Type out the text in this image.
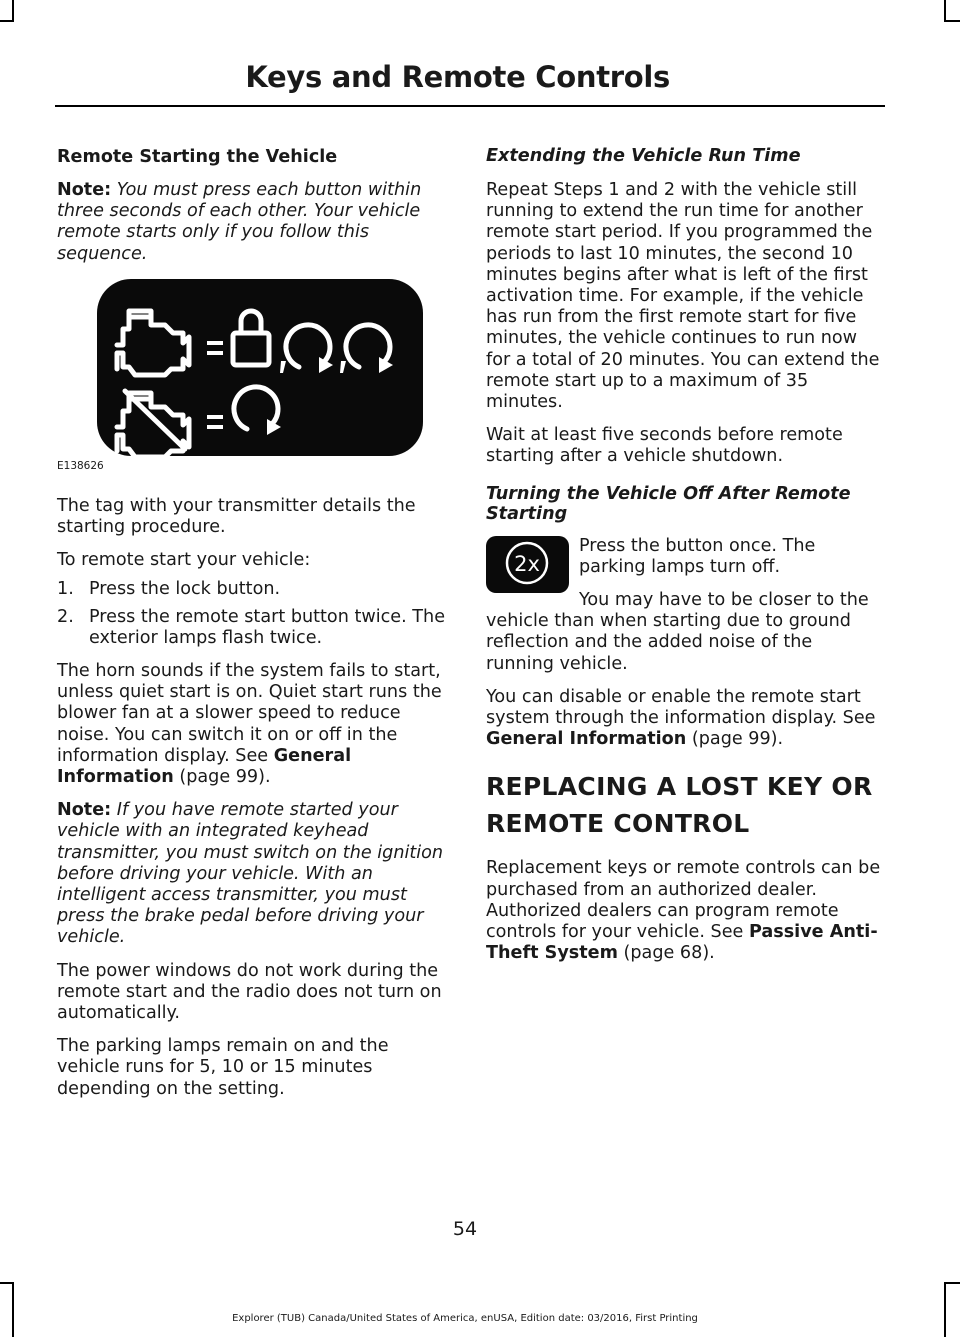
Keys and Remote Controls
Remote Starting the Vehicle

Note: You must press each button within three seconds of each other. Your vehicle remote starts only if you follow this sequence.

E138626

The tag with your transmitter details the starting procedure.

To remote start your vehicle:

1. Press the lock button.
2. Press the remote start button twice. The exterior lamps flash twice.

The horn sounds if the system fails to start, unless quiet start is on. Quiet start runs the blower fan at a slower speed to reduce noise. You can switch it on or off in the information display. See General Information (page 99).

Note: If you have remote started your vehicle with an integrated keyhead transmitter, you must switch on the ignition before driving your vehicle. With an intelligent access transmitter, you must press the brake pedal before driving your vehicle.

The power windows do not work during the remote start and the radio does not turn on automatically.

The parking lamps remain on and the vehicle runs for 5, 10 or 15 minutes depending on the setting.

Extending the Vehicle Run Time

Repeat Steps 1 and 2 with the vehicle still running to extend the run time for another remote start period. If you programmed the periods to last 10 minutes, the second 10 minutes begins after what is left of the first activation time. For example, if the vehicle has run from the first remote start for five minutes, the vehicle continues to run now for a total of 20 minutes. You can extend the remote start up to a maximum of 35 minutes.

Wait at least five seconds before remote starting after a vehicle shutdown.

Turning the Vehicle Off After Remote Starting
2x

Press the button once. The parking lamps turn off.

You may have to be closer to the vehicle than when starting due to ground reflection and the added noise of the running vehicle.

You can disable or enable the remote start system through the information display. See General Information (page 99).

REPLACING A LOST KEY OR
REMOTE CONTROL

Replacement keys or remote controls can be purchased from an authorized dealer. Authorized dealers can program remote controls for your vehicle. See Passive Anti-Theft System (page 68).

54
Explorer (TUB) Canada/United States of America, enUSA, Edition date: 03/2016, First Printing
